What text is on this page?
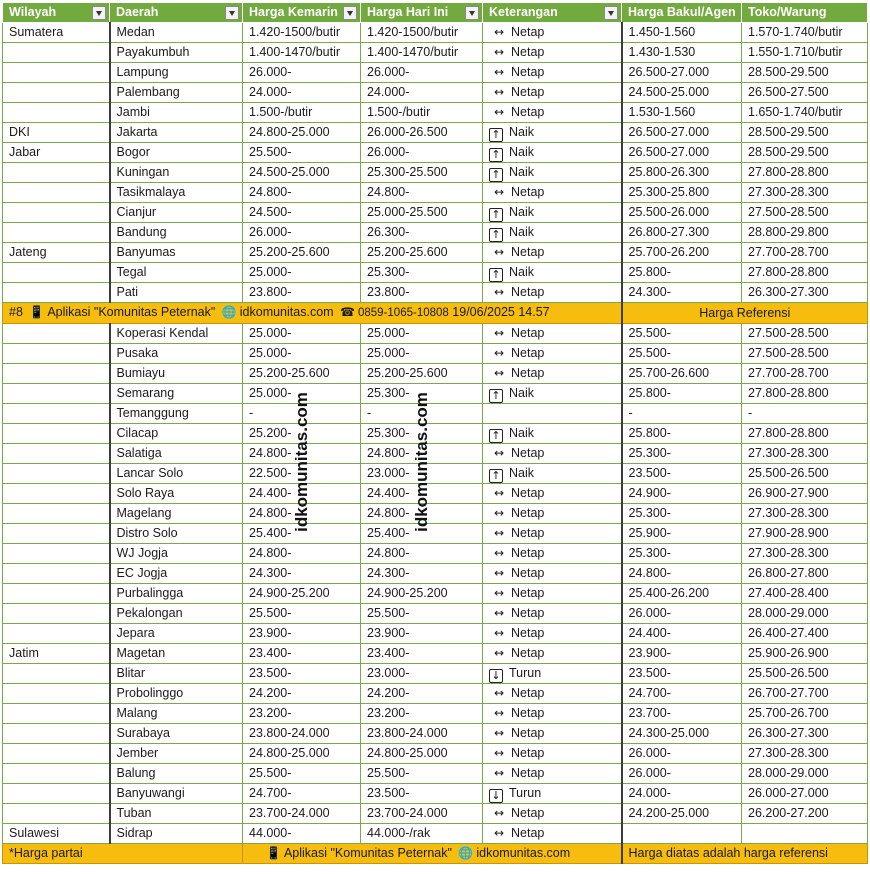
Wilayah	Daerah	Harga Kemarin	Harga Hari Ini	Keterangan	Harga Bakul/Agen	Toko/Warung
Sumatera	Medan	1.420-1500/butir	1.420-1500/butir	↔ Netap	1.450-1.560	1.570-1.740/butir
	Payakumbuh	1.400-1470/butir	1.400-1470/butir	↔ Netap	1.430-1.530	1.550-1.710/butir
	Lampung	26.000-	26.000-	↔ Netap	26.500-27.000	28.500-29.500
	Palembang	24.000-	24.000-	↔ Netap	24.500-25.000	26.500-27.500
	Jambi	1.500-/butir	1.500-/butir	↔ Netap	1.530-1.560	1.650-1.740/butir
DKI	Jakarta	24.800-25.000	26.000-26.500	↑ Naik	26.500-27.000	28.500-29.500
Jabar	Bogor	25.500-	26.000-	↑ Naik	26.500-27.000	28.500-29.500
	Kuningan	24.500-25.000	25.300-25.500	↑ Naik	25.800-26.300	27.800-28.800
	Tasikmalaya	24.800-	24.800-	↔ Netap	25.300-25.800	27.300-28.300
	Cianjur	24.500-	25.000-25.500	↑ Naik	25.500-26.000	27.500-28.500
	Bandung	26.000-	26.300-	↑ Naik	26.800-27.300	28.800-29.800
Jateng	Banyumas	25.200-25.600	25.200-25.600	↔ Netap	25.700-26.200	27.700-28.700
	Tegal	25.000-	25.300-	↑ Naik	25.800-	27.800-28.800
	Pati	23.800-	23.800-	↔ Netap	24.300-	26.300-27.300
#8 📱 Aplikasi "Komunitas Peternak" 🌐 idkomunitas.com ☎ 0859-1065-10808 19/06/2025 14.57					Harga Referensi	
	Koperasi Kendal	25.000-	25.000-	↔ Netap	25.500-	27.500-28.500
	Pusaka	25.000-	25.000-	↔ Netap	25.500-	27.500-28.500
	Bumiayu	25.200-25.600	25.200-25.600	↔ Netap	25.700-26.600	27.700-28.700
	Semarang	25.000-	25.300-	↑ Naik	25.800-	27.800-28.800
	Temanggung	-	-		-	-
	Cilacap	25.200-	25.300-	↑ Naik	25.800-	27.800-28.800
	Salatiga	24.800-	24.800-	↔ Netap	25.300-	27.300-28.300
	Lancar Solo	22.500-	23.000-	↑ Naik	23.500-	25.500-26.500
	Solo Raya	24.400-	24.400-	↔ Netap	24.900-	26.900-27.900
	Magelang	24.800-	24.800-	↔ Netap	25.300-	27.300-28.300
	Distro Solo	25.400-	25.400-	↔ Netap	25.900-	27.900-28.900
	WJ Jogja	24.800-	24.800-	↔ Netap	25.300-	27.300-28.300
	EC Jogja	24.300-	24.300-	↔ Netap	24.800-	26.800-27.800
	Purbalingga	24.900-25.200	24.900-25.200	↔ Netap	25.400-26.200	27.400-28.400
	Pekalongan	25.500-	25.500-	↔ Netap	26.000-	28.000-29.000
	Jepara	23.900-	23.900-	↔ Netap	24.400-	26.400-27.400
Jatim	Magetan	23.400-	23.400-	↔ Netap	23.900-	25.900-26.900
	Blitar	23.500-	23.000-	↓ Turun	23.500-	25.500-26.500
	Probolinggo	24.200-	24.200-	↔ Netap	24.700-	26.700-27.700
	Malang	23.200-	23.200-	↔ Netap	23.700-	25.700-26.700
	Surabaya	23.800-24.000	23.800-24.000	↔ Netap	24.300-25.000	26.300-27.300
	Jember	24.800-25.000	24.800-25.000	↔ Netap	26.000-	27.300-28.300
	Balung	25.500-	25.500-	↔ Netap	26.000-	28.000-29.000
	Banyuwangi	24.700-	23.500-	↓ Turun	24.000-	26.000-27.000
	Tuban	23.700-24.000	23.700-24.000	↔ Netap	24.200-25.000	26.200-27.200
Sulawesi	Sidrap	44.000-	44.000-/rak	↔ Netap		
*Harga partai		📱 Aplikasi "Komunitas Peternak" 🌐 idkomunitas.com			Harga diatas adalah harga referensi	
idkomunitas.com	idkomunitas.com
